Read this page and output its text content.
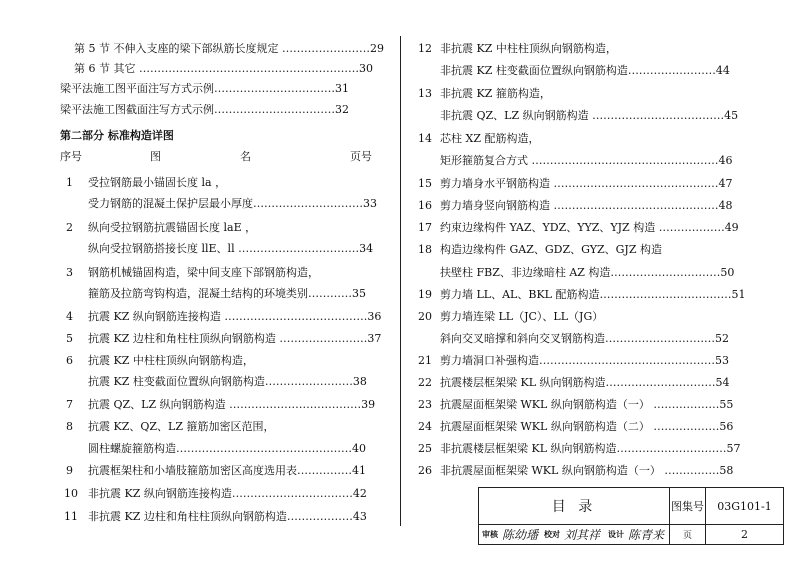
第 5 节 不伸入支座的梁下部纵筋长度规定 ……………………29
第 6 节 其它 ……………………………………………………30
梁平法施工图平面注写方式示例……………………………31
梁平法施工图截面注写方式示例……………………………32
第二部分 标准构造详图
序号	图	名	页号
1 受拉钢筋最小锚固长度 la ，
受力钢筋的混凝土保护层最小厚度…………………………33
2 纵向受拉钢筋抗震锚固长度 laE ，
纵向受拉钢筋搭接长度 llE、ll ……………………………34
3 钢筋机械锚固构造，梁中间支座下部钢筋构造，
箍筋及拉筋弯钩构造，混凝土结构的环境类别…………35
4 抗震 KZ 纵向钢筋连接构造 …………………………………36
5 抗震 KZ 边柱和角柱柱顶纵向钢筋构造 ……………………37
6 抗震 KZ 中柱柱顶纵向钢筋构造，
抗震 KZ 柱变截面位置纵向钢筋构造……………………38
7 抗震 QZ、LZ 纵向钢筋构造 ………………………………39
8 抗震 KZ、QZ、LZ 箍筋加密区范围，
圆柱螺旋箍筋构造…………………………………………40
9 抗震框架柱和小墙肢箍筋加密区高度选用表……………41
10 非抗震 KZ 纵向钢筋连接构造……………………………42
11 非抗震 KZ 边柱和角柱柱顶纵向钢筋构造………………43
12 非抗震 KZ 中柱柱顶纵向钢筋构造，
非抗震 KZ 柱变截面位置纵向钢筋构造……………………44
13 非抗震 KZ 箍筋构造，
非抗震 QZ、LZ 纵向钢筋构造 ………………………………45
14 芯柱 XZ 配筋构造，
矩形箍筋复合方式 ……………………………………………46
15 剪力墙身水平钢筋构造 ………………………………………47
16 剪力墙身竖向钢筋构造 ………………………………………48
17 约束边缘构件 YAZ、YDZ、YYZ、YJZ 构造 ………………49
18 构造边缘构件 GAZ、GDZ、GYZ、GJZ 构造
扶壁柱 FBZ、非边缘暗柱 AZ 构造…………………………50
19 剪力墙 LL、AL、BKL 配筋构造………………………………51
20 剪力墙连梁 LL（JC）、LL（JG）
斜向交叉暗撑和斜向交叉钢筋构造…………………………52
21 剪力墙洞口补强构造…………………………………………53
22 抗震楼层框架梁 KL 纵向钢筋构造…………………………54
23 抗震屋面框架梁 WKL 纵向钢筋构造（一） ………………55
24 抗震屋面框架梁 WKL 纵向钢筋构造（二） ………………56
25 非抗震楼层框架梁 KL 纵向钢筋构造…………………………57
26 非抗震屋面框架梁 WKL 纵向钢筋构造（一） ……………58
目 录	图集号	03G101-1
审核 陈幼璠 校对 刘其祥 设计 陈青来	页	2
